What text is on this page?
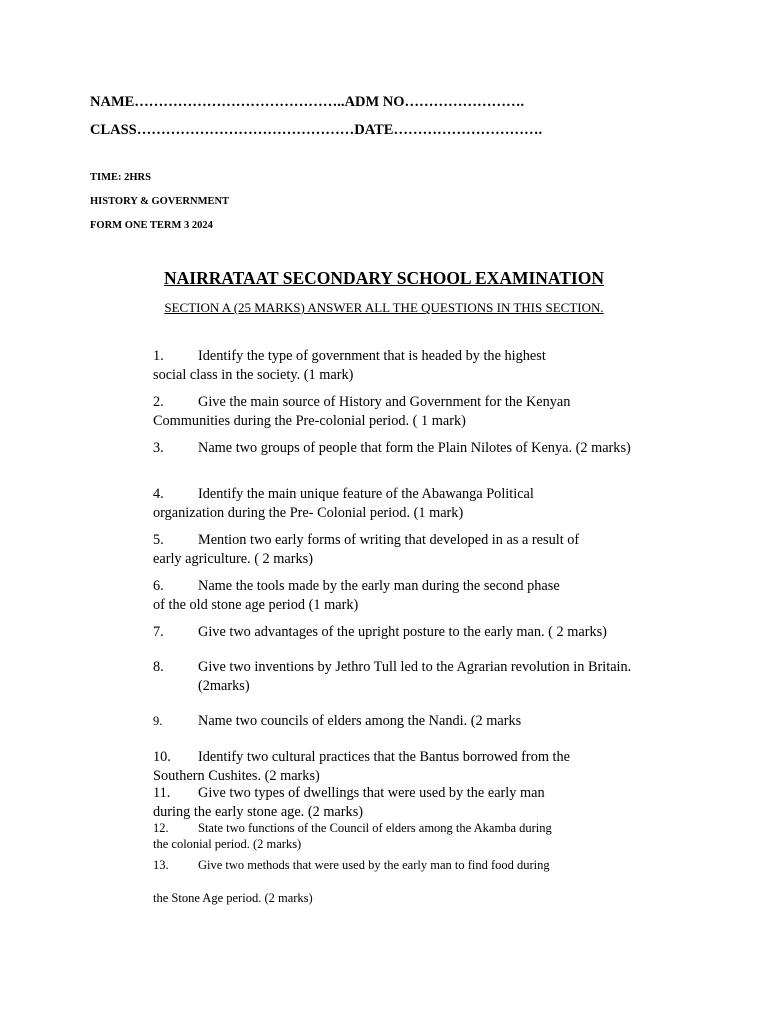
NAME……………………………………..ADM NO…………………….
CLASS………………………………………DATE………………………….
TIME: 2HRS
HISTORY & GOVERNMENT
FORM ONE TERM 3 2024
NAIRRATAAT SECONDARY SCHOOL EXAMINATION
SECTION A (25 MARKS) ANSWER ALL THE QUESTIONS IN THIS SECTION.
1. Identify the type of government that is headed by the highest
social class in the society. (1 mark)
2. Give the main source of History and Government for the Kenyan
Communities during the Pre-colonial period. ( 1 mark)
3. Name two groups of people that form the Plain Nilotes of Kenya. (2 marks)
4. Identify the main unique feature of the Abawanga Political
organization during the Pre- Colonial period. (1 mark)
5. Mention two early forms of writing that developed in as a result of
early agriculture. ( 2 marks)
6. Name the tools made by the early man during the second phase
of the old stone age period (1 mark)
7. Give two advantages of the upright posture to the early man. ( 2 marks)
8. Give two inventions by Jethro Tull led to the Agrarian revolution in Britain.
(2marks)
9. Name two councils of elders among the Nandi. (2 marks
10. Identify two cultural practices that the Bantus borrowed from the
Southern Cushites. (2 marks)
11. Give two types of dwellings that were used by the early man
during the early stone age. (2 marks)
12. State two functions of the Council of elders among the Akamba during
the colonial period. (2 marks)
13. Give two methods that were used by the early man to find food during
the Stone Age period. (2 marks)
